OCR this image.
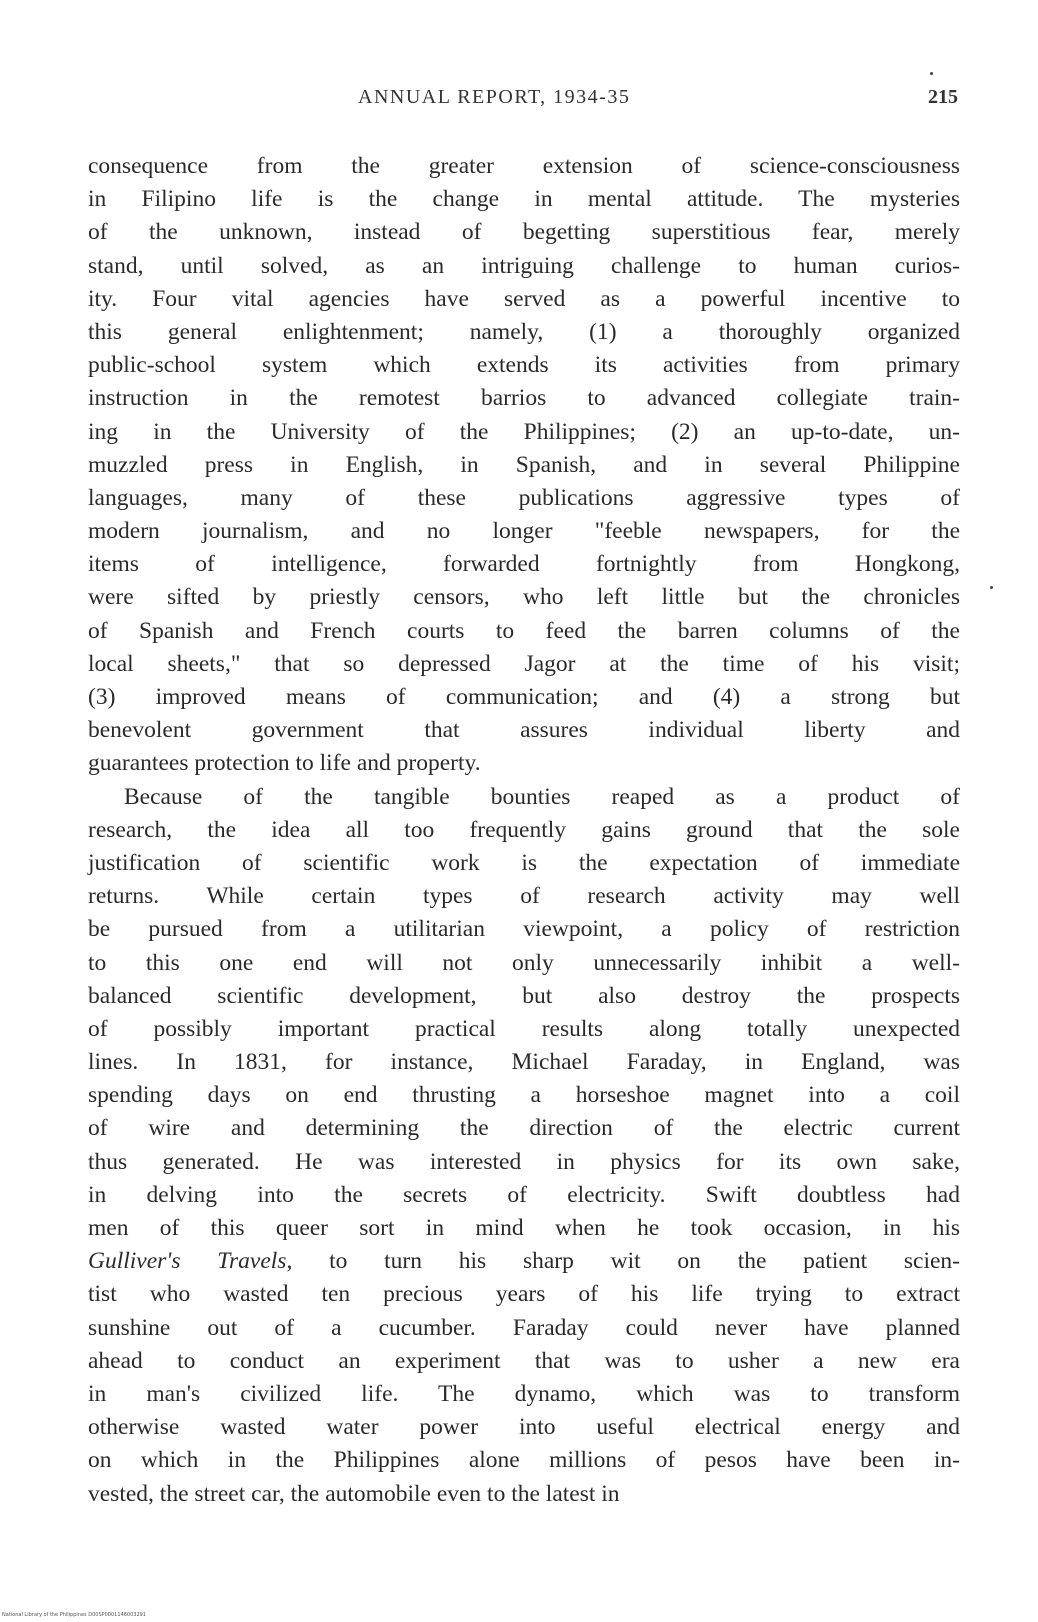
ANNUAL REPORT, 1934-35	215
consequence from the greater extension of science-consciousness
in Filipino life is the change in mental attitude. The mysteries
of the unknown, instead of begetting superstitious fear, merely
stand, until solved, as an intriguing challenge to human curios-
ity. Four vital agencies have served as a powerful incentive to
this general enlightenment; namely, (1) a thoroughly organized
public-school system which extends its activities from primary
instruction in the remotest barrios to advanced collegiate train-
ing in the University of the Philippines; (2) an up-to-date, un-
muzzled press in English, in Spanish, and in several Philippine
languages, many of these publications aggressive types of
modern journalism, and no longer "feeble newspapers, for the
items of intelligence, forwarded fortnightly from Hongkong,
were sifted by priestly censors, who left little but the chronicles
of Spanish and French courts to feed the barren columns of the
local sheets," that so depressed Jagor at the time of his visit;
(3) improved means of communication; and (4) a strong but
benevolent government that assures individual liberty and
guarantees protection to life and property.
Because of the tangible bounties reaped as a product of
research, the idea all too frequently gains ground that the sole
justification of scientific work is the expectation of immediate
returns. While certain types of research activity may well
be pursued from a utilitarian viewpoint, a policy of restriction
to this one end will not only unnecessarily inhibit a well-
balanced scientific development, but also destroy the prospects
of possibly important practical results along totally unexpected
lines. In 1831, for instance, Michael Faraday, in England, was
spending days on end thrusting a horseshoe magnet into a coil
of wire and determining the direction of the electric current
thus generated. He was interested in physics for its own sake,
in delving into the secrets of electricity. Swift doubtless had
men of this queer sort in mind when he took occasion, in his
Gulliver's Travels, to turn his sharp wit on the patient scien-
tist who wasted ten precious years of his life trying to extract
sunshine out of a cucumber. Faraday could never have planned
ahead to conduct an experiment that was to usher a new era
in man's civilized life. The dynamo, which was to transform
otherwise wasted water power into useful electrical energy and
on which in the Philippines alone millions of pesos have been in-
vested, the street car, the automobile even to the latest in
National Library of the Philippines D00SP0001146003291
